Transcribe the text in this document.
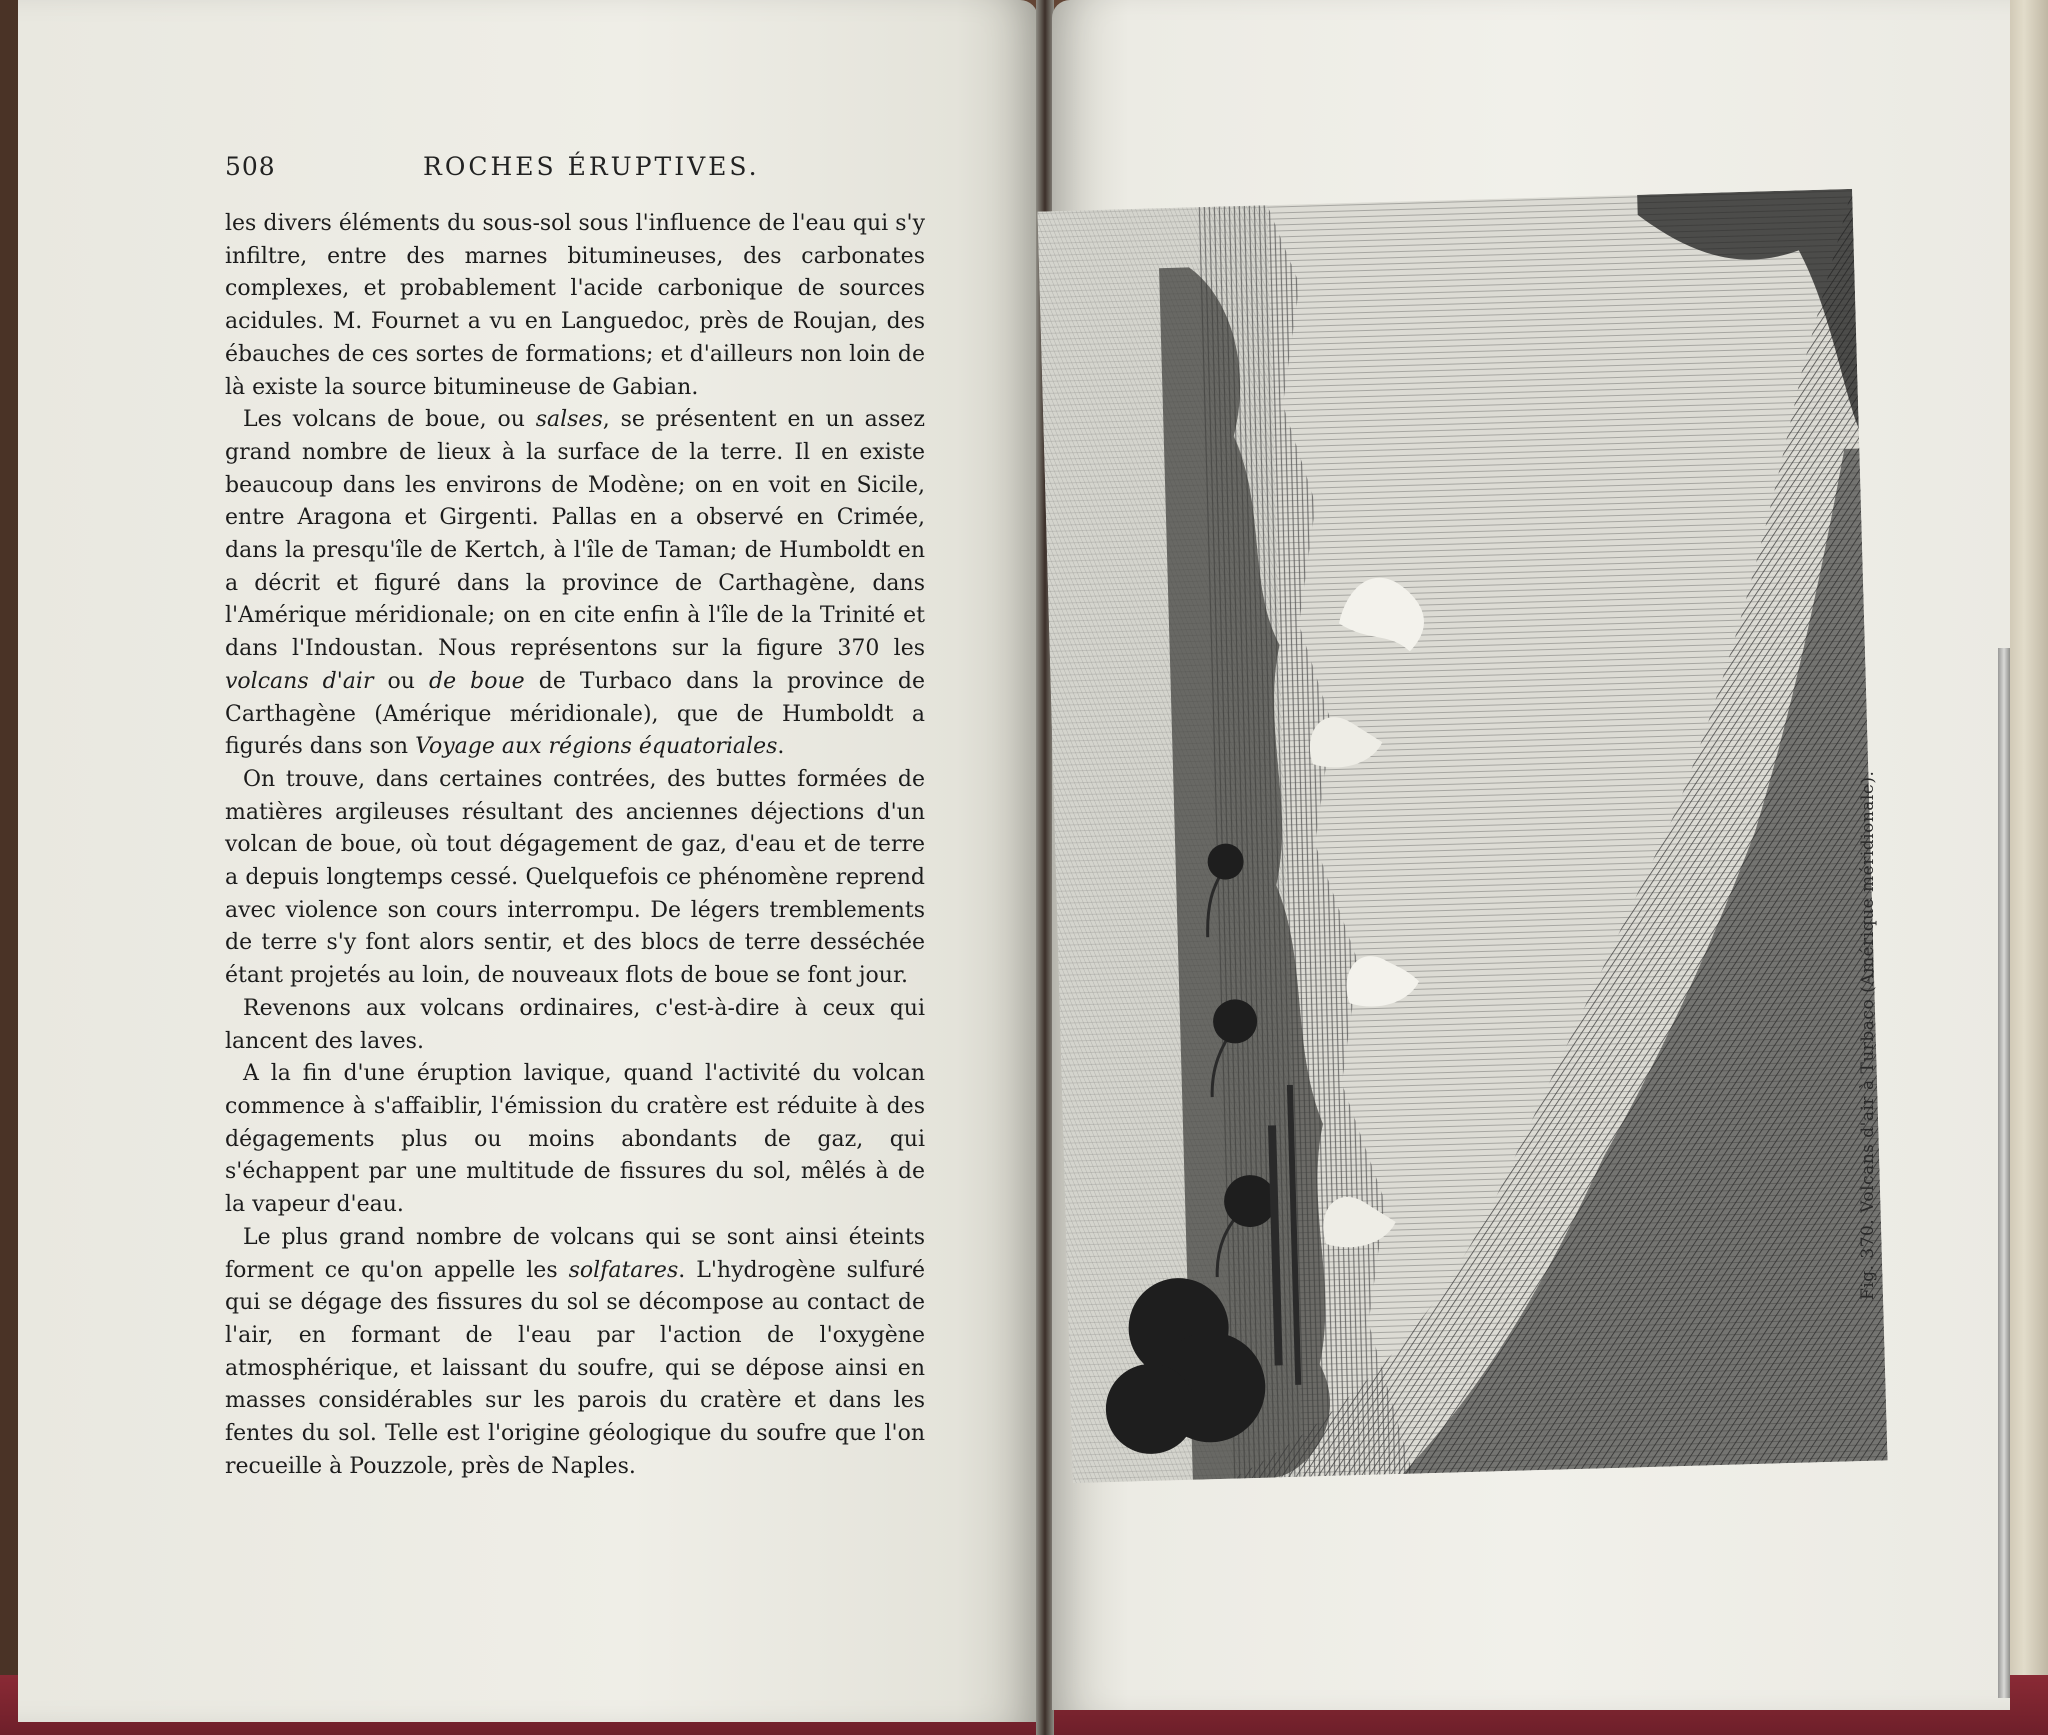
508	ROCHES ÉRUPTIVES.

les divers éléments du sous-sol sous l'influence de l'eau qui s'y infiltre, entre des marnes bitumineuses, des carbonates complexes, et probablement l'acide carbonique de sources acidules. M. Fournet a vu en Languedoc, près de Roujan, des ébauches de ces sortes de formations; et d'ailleurs non loin de là existe la source bitumineuse de Gabian.

Les volcans de boue, ou salses, se présentent en un assez grand nombre de lieux à la surface de la terre. Il en existe beaucoup dans les environs de Modène; on en voit en Sicile, entre Aragona et Girgenti. Pallas en a observé en Crimée, dans la presqu'île de Kertch, à l'île de Taman; de Humboldt en a décrit et figuré dans la province de Carthagène, dans l'Amérique méridionale; on en cite enfin à l'île de la Trinité et dans l'Indoustan. Nous représentons sur la figure 370 les volcans d'air ou de boue de Turbaco dans la province de Carthagène (Amérique méridionale), que de Humboldt a figurés dans son Voyage aux régions équatoriales.

On trouve, dans certaines contrées, des buttes formées de matières argileuses résultant des anciennes déjections d'un volcan de boue, où tout dégagement de gaz, d'eau et de terre a depuis longtemps cessé. Quelquefois ce phénomène reprend avec violence son cours interrompu. De légers tremblements de terre s'y font alors sentir, et des blocs de terre desséchée étant projetés au loin, de nouveaux flots de boue se font jour.

Revenons aux volcans ordinaires, c'est-à-dire à ceux qui lancent des laves.

A la fin d'une éruption lavique, quand l'activité du volcan commence à s'affaiblir, l'émission du cratère est réduite à des dégagements plus ou moins abondants de gaz, qui s'échappent par une multitude de fissures du sol, mêlés à de la vapeur d'eau.

Le plus grand nombre de volcans qui se sont ainsi éteints forment ce qu'on appelle les solfatares. L'hydrogène sulfuré qui se dégage des fissures du sol se décompose au contact de l'air, en formant de l'eau par l'action de l'oxygène atmosphérique, et laissant du soufre, qui se dépose ainsi en masses considérables sur les parois du cratère et dans les fentes du sol. Telle est l'origine géologique du soufre que l'on recueille à Pouzzole, près de Naples.

Fig. 370. Volcans d'air à Turbaco (Amérique méridionale).
